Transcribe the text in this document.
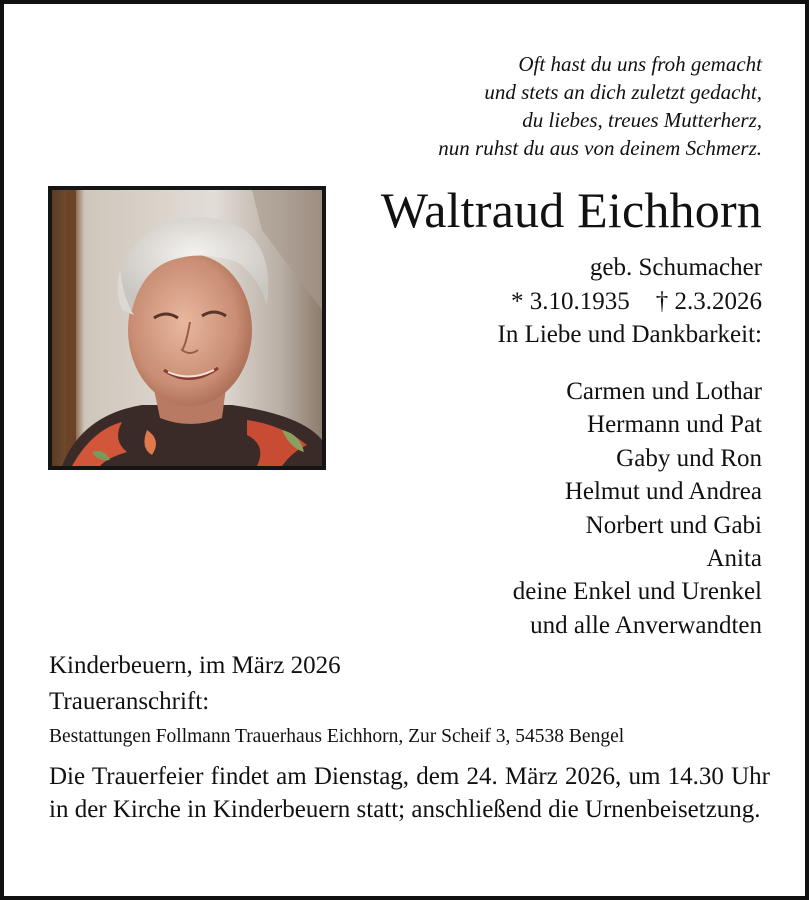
Oft hast du uns froh gemacht
und stets an dich zuletzt gedacht,
du liebes, treues Mutterherz,
nun ruhst du aus von deinem Schmerz.
Waltraud Eichhorn
geb. Schumacher
* 3.10.1935 † 2.3.2026
In Liebe und Dankbarkeit:
Carmen und Lothar
Hermann und Pat
Gaby und Ron
Helmut und Andrea
Norbert und Gabi
Anita
deine Enkel und Urenkel
und alle Anverwandten
Kinderbeuern, im März 2026
Traueranschrift:
Bestattungen Follmann Trauerhaus Eichhorn, Zur Scheif 3, 54538 Bengel
Die Trauerfeier findet am Dienstag, dem 24. März 2026, um 14.30 Uhr in der Kirche in Kinderbeuern statt; anschließend die Urnenbeisetzung.
